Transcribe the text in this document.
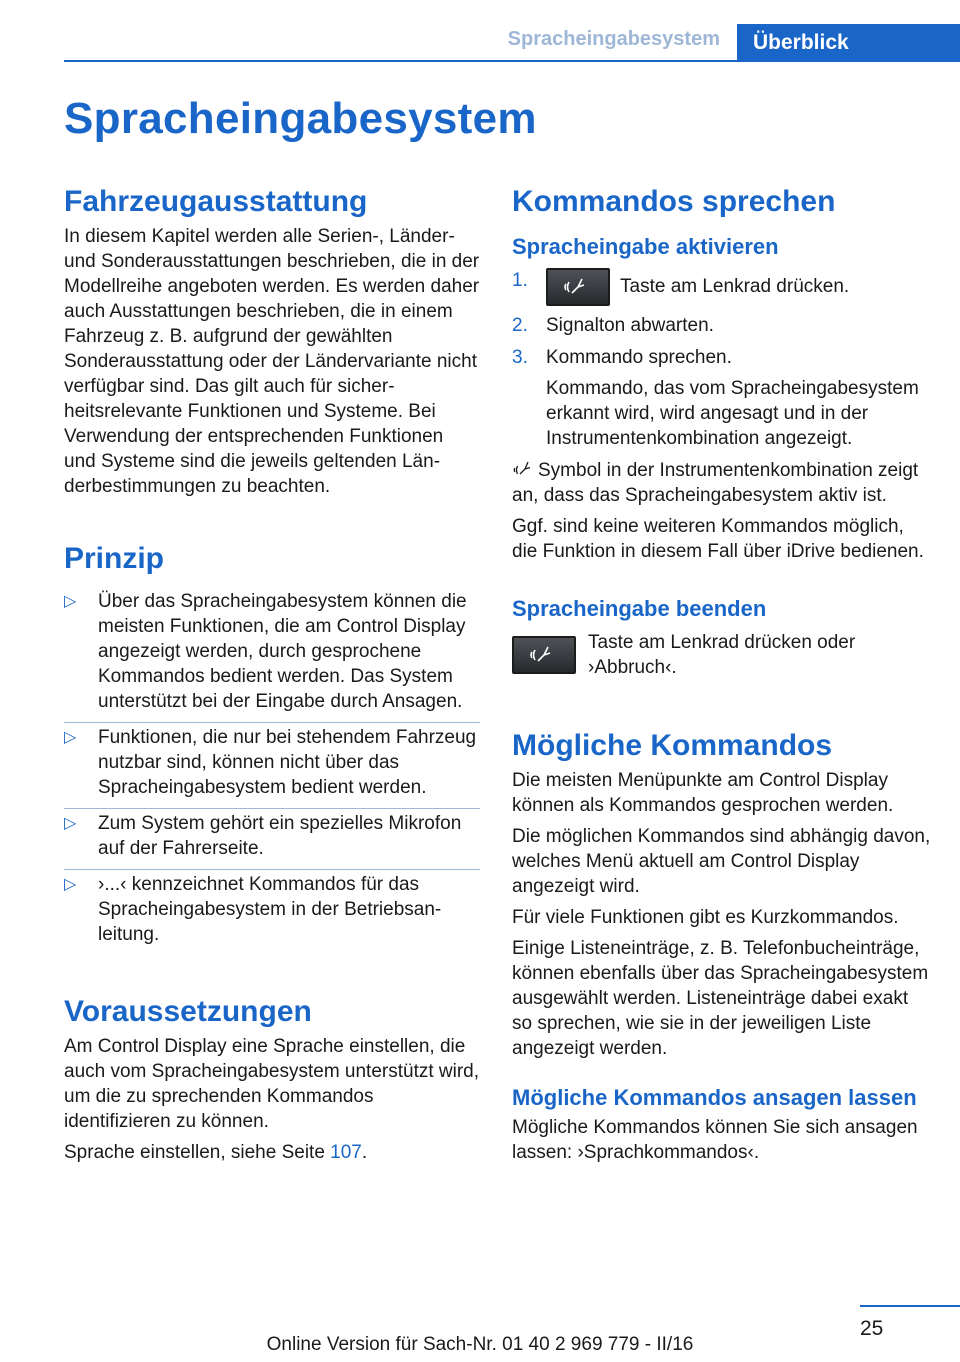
Spracheingabesystem	Überblick
Spracheingabesystem
Fahrzeugausstattung

In diesem Kapitel werden alle Serien-, Länder- und Sonderausstattungen beschrieben, die in der Modellreihe angeboten werden. Es werden daher auch Ausstattungen beschrieben, die in einem Fahrzeug z. B. aufgrund der gewählten Sonderausstattung oder der Ländervariante nicht verfügbar sind. Das gilt auch für sicherheitsrelevante Funktionen und Systeme. Bei Verwendung der entsprechenden Funktionen und Systeme sind die jeweils geltenden Länderbestimmungen zu beachten.

Prinzip
▷ Über das Spracheingabesystem können die meisten Funktionen, die am Control Display angezeigt werden, durch gesprochene Kommandos bedient werden. Das System unterstützt bei der Eingabe durch Ansagen.
▷ Funktionen, die nur bei stehendem Fahrzeug nutzbar sind, können nicht über das Spracheingabesystem bedient werden.
▷ Zum System gehört ein spezielles Mikrofon auf der Fahrerseite.
▷ ›...‹ kennzeichnet Kommandos für das Spracheingabesystem in der Betriebsanleitung.
Voraussetzungen

Am Control Display eine Sprache einstellen, die auch vom Spracheingabesystem unterstützt wird, um die zu sprechenden Kommandos identifizieren zu können.

Sprache einstellen, siehe Seite 107.

Kommandos sprechen
Spracheingabe aktivieren
1.	Taste am Lenkrad drücken.
2. Signalton abwarten.
3. Kommando sprechen.
Kommando, das vom Spracheingabesystem erkannt wird, wird angesagt und in der Instrumentenkombination angezeigt.

Symbol in der Instrumentenkombination zeigt an, dass das Spracheingabesystem aktiv ist.

Ggf. sind keine weiteren Kommandos möglich, die Funktion in diesem Fall über iDrive bedienen.

Spracheingabe beenden

Taste am Lenkrad drücken oder ›Abbruch‹.

Mögliche Kommandos

Die meisten Menüpunkte am Control Display können als Kommandos gesprochen werden.

Die möglichen Kommandos sind abhängig davon, welches Menü aktuell am Control Display angezeigt wird.

Für viele Funktionen gibt es Kurzkommandos.

Einige Listeneinträge, z. B. Telefonbucheinträge, können ebenfalls über das Spracheingabesystem ausgewählt werden. Listeneinträge dabei exakt so sprechen, wie sie in der jeweiligen Liste angezeigt werden.

Mögliche Kommandos ansagen lassen

Mögliche Kommandos können Sie sich ansagen lassen: ›Sprachkommandos‹.

25
Online Version für Sach-Nr. 01 40 2 969 779 - II/16
